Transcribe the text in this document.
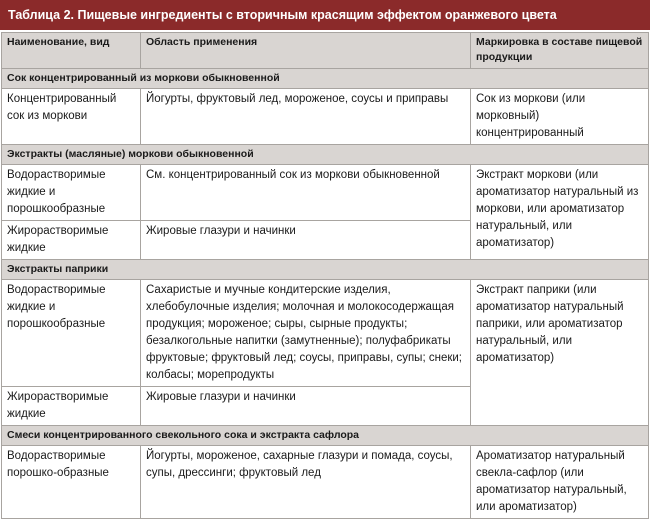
Таблица 2. Пищевые ингредиенты с вторичным красящим эффектом оранжевого цвета
Наименование, вид	Область применения	Маркировка в составе пищевой продукции
Сок концентрированный из моркови обыкновенной		
Концентрированный сок из моркови	Йогурты, фруктовый лед, мороженое, соусы и приправы	Сок из моркови (или морковный) концентрированный
Экстракты (масляные) моркови обыкновенной		
Водорастворимые жидкие и порошкообразные	См. концентрированный сок из моркови обыкновенной	Экстракт моркови (или ароматизатор натуральный из моркови, или ароматизатор натуральный, или ароматизатор)
Жирорастворимые жидкие	Жировые глазури и начинки	
Экстракты паприки		
Водорастворимые жидкие и порошкообразные	Сахаристые и мучные кондитерские изделия, хлебобулочные изделия; молочная и молокосодержащая продукция; мороженое; сыры, сырные продукты; безалкогольные напитки (замутненные); полуфабрикаты фруктовые; фруктовый лед; соусы, приправы, супы; снеки; колбасы; морепродукты	Экстракт паприки (или ароматизатор натуральный паприки, или ароматизатор натуральный, или ароматизатор)
Жирорастворимые жидкие	Жировые глазури и начинки	
Смеси концентрированного свекольного сока и экстракта сафлора		
Водорастворимые порошко-образные	Йогурты, мороженое, сахарные глазури и помада, соусы, супы, дрессинги; фруктовый лед	Ароматизатор натуральный свекла-сафлор (или ароматизатор натуральный, или ароматизатор)
